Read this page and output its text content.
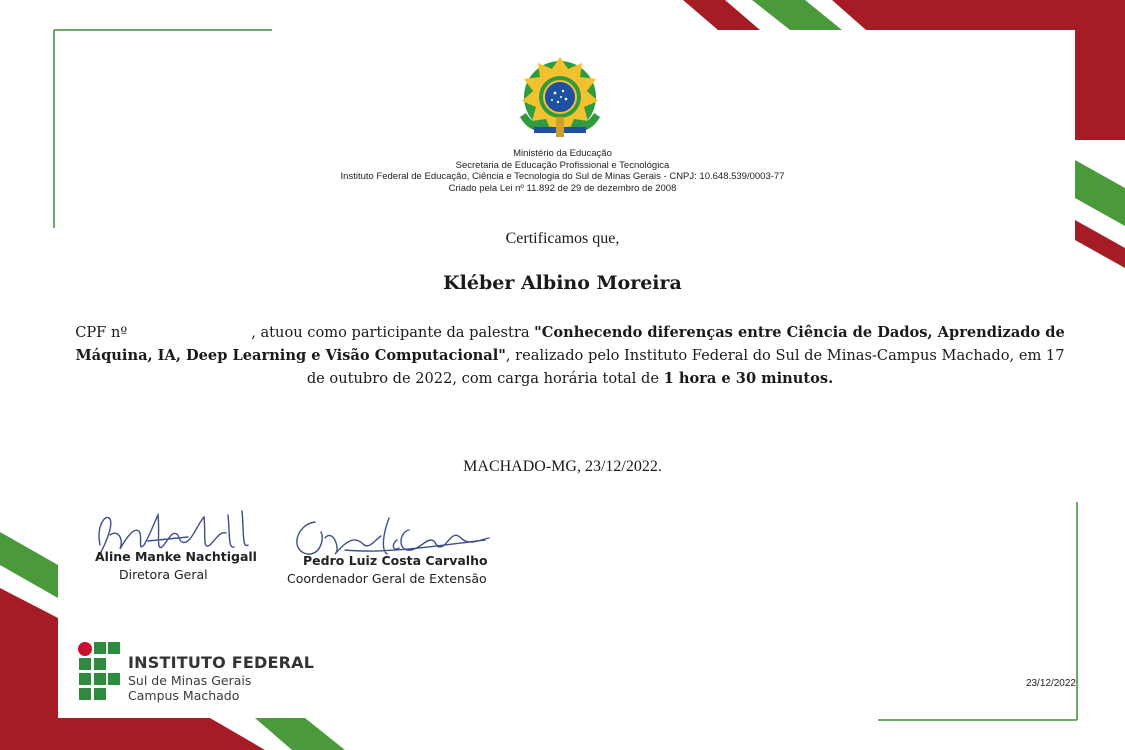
Ministério da Educação
Secretaria de Educação Profissional e Tecnológica
Instituto Federal de Educação, Ciência e Tecnologia do Sul de Minas Gerais - CNPJ: 10.648.539/0003-77
Criado pela Lei nº 11.892 de 29 de dezembro de 2008
Certificamos que,
Kléber Albino Moreira
CPF nº	, atuou como participante da palestra "Conhecendo diferenças entre Ciência de Dados, Aprendizado de Máquina, IA, Deep Learning e Visão Computacional", realizado pelo Instituto Federal do Sul de Minas-Campus Machado, em 17 de outubro de 2022, com carga horária total de 1 hora e 30 minutos.
MACHADO-MG, 23/12/2022.
Aline Manke Nachtigall
Diretora Geral
Pedro Luiz Costa Carvalho
Coordenador Geral de Extensão
INSTITUTO FEDERAL
Sul de Minas Gerais
Campus Machado
23/12/2022
